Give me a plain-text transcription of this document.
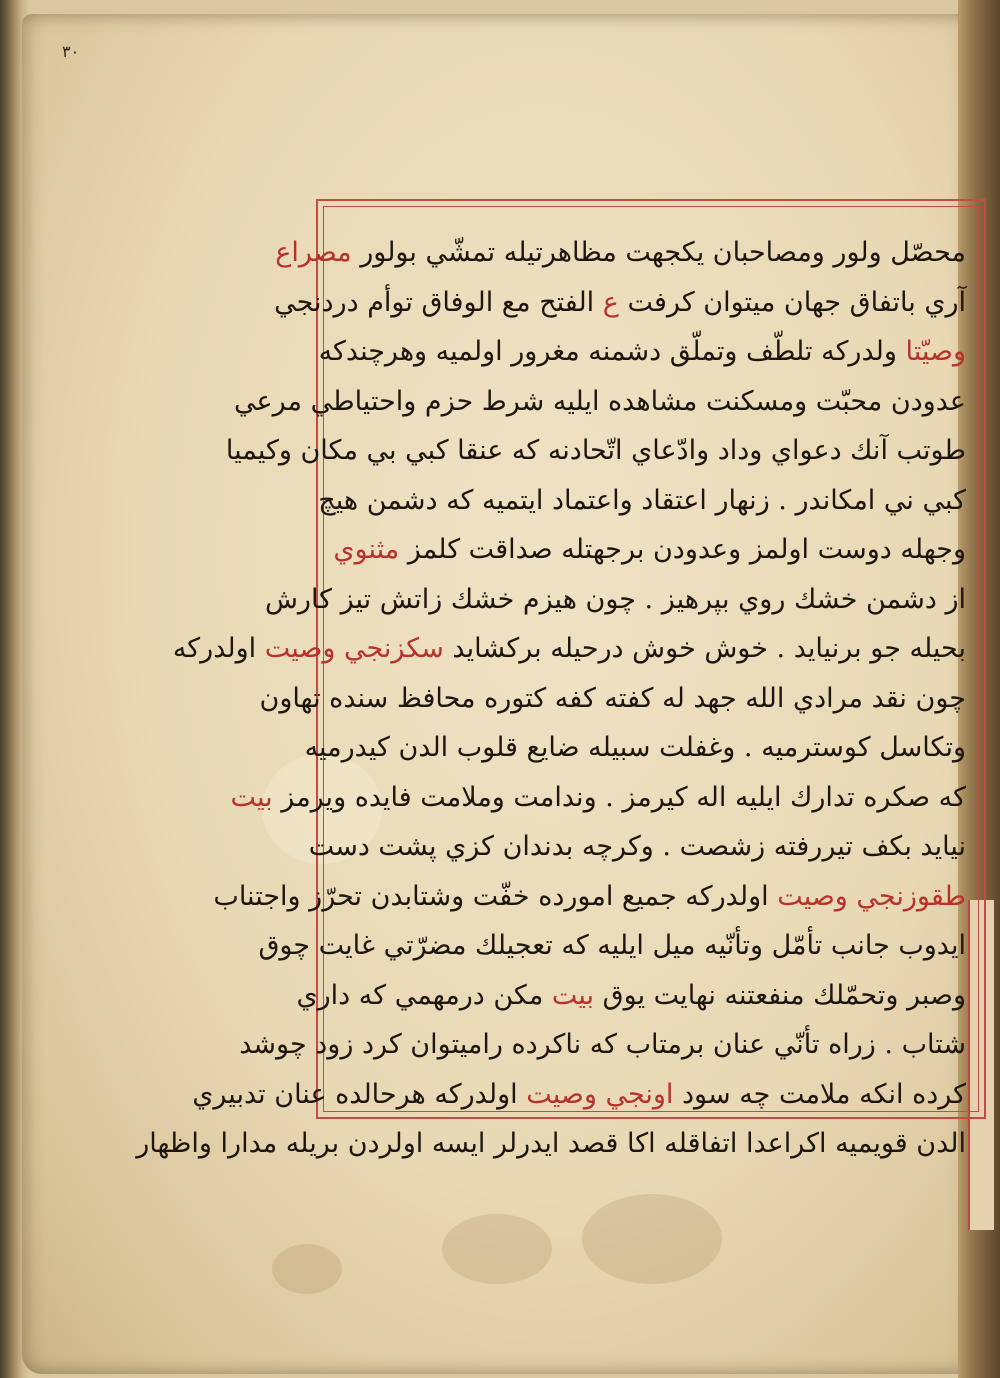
٣٠
محصّل ولور ومصاحبان يكجهت مظاهرتيله تمشّي بولور مصراع
آري باتفاق جهان ميتوان كرفت ع الفتح مع الوفاق توأم دردنجي
وصيّتا ولدركه تلطّف وتملّق دشمنه مغرور اولميه وهرچندكه
عدودن محبّت ومسكنت مشاهده ايليه شرط حزم واحتياطي مرعي
طوتب آنك دعواي وداد وادّعاي اتّحادنه كه عنقا كبي بي مكان وكيميا
كبي ني امكاندر . زنهار اعتقاد واعتماد ايتميه كه دشمن هيچ
وجهله دوست اولمز وعدودن برجهتله صداقت كلمز مثنوي
از دشمن خشك روي بپرهيز . چون هيزم خشك زاتش تيز كارش
بحيله جو برنيايد . خوش خوش درحيله بركشايد سكزنجي وصيت اولدركه
چون نقد مرادي الله جهد له كفته كفه كتوره محافظ سنده تهاون
وتكاسل كوسترميه . وغفلت سبيله ضايع قلوب الدن كيدرميه
كه صكره تدارك ايليه اله كيرمز . وندامت وملامت فايده ويرمز بيت
نيايد بكف تيررفته زشصت . وكرچه بدندان كزي پشت دست
طقوزنجي وصيت اولدركه جميع امورده خفّت وشتابدن تحرّز واجتناب
ايدوب جانب تأمّل وتأنّيه ميل ايليه كه تعجيلك مضرّتي غايت چوق
وصبر وتحمّلك منفعتنه نهايت يوق بيت مكن درمهمي كه داري
شتاب . زراه تأنّي عنان برمتاب كه ناكرده راميتوان كرد زود چوشد
كرده انكه ملامت چه سود اونجي وصيت اولدركه هرحالده عنان تدبيري
الدن قويميه اكراعدا اتفاقله اكا قصد ايدرلر ايسه اولردن بريله مدارا واظهار
